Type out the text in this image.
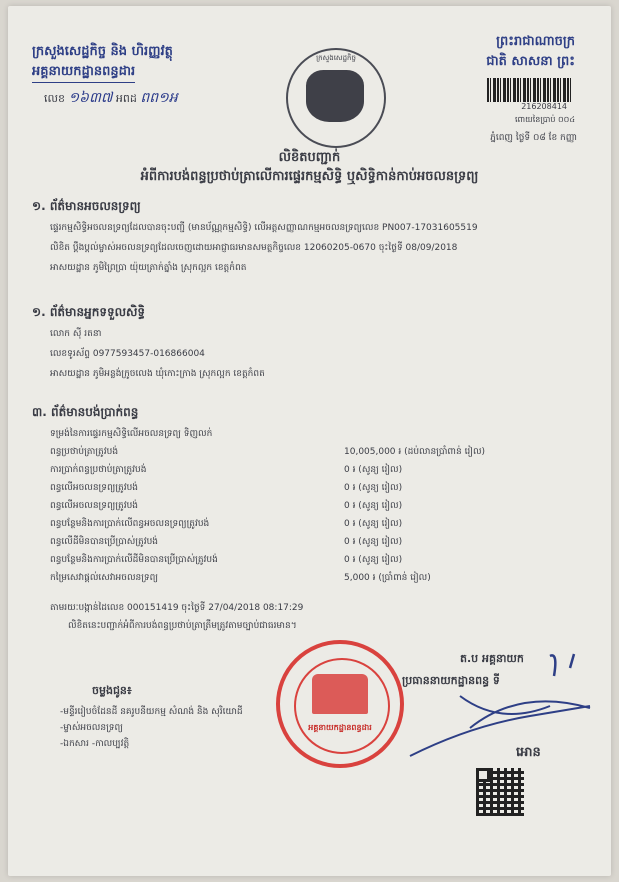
ក្រសួងសេដ្ឋកិច្ច និង ហិរញ្ញវត្ថុ
អគ្គនាយកដ្ឋានពន្ធដារ
លេខ ១៦៣៧ អពដ ពព១អ
ក្រសួងសេដ្ឋកិច្ច
ព្រះរាជាណាចក្រ
ជាតិ សាសនា ព្រះ
216208414
ពោយនៃប្រាប់ ០០៤
ភ្នំពេញ ថ្ងៃទី ០៨ ខែ កញ្ញា
លិខិតបញ្ជាក់
អំពីការបង់ពន្ធប្រថាប់ត្រាលើការផ្ទេរកម្មសិទ្ធិ ឬសិទ្ធិកាន់កាប់អចលនទ្រព្យ
១. ព័ត៌មានអចលនទ្រព្យ
ផ្ទេរកម្មសិទ្ធិអចលនទ្រព្យដែលបានចុះបញ្ជី (មានប័ណ្ណកម្មសិទ្ធិ) លើអត្តសញ្ញាណកម្មអចលនទ្រព្យលេខ PN007-17031605519
លិខិត ប្តឹងប្តល់ម្ចាស់អចលនទ្រព្យដែលចេញដោយអាជ្ញាធរមានសមត្ថកិច្ចលេខ 12060205-0670 ចុះថ្ងៃទី 08/09/2018
អាសយដ្ឋាន ភូមិព្រៃប្រា យ៉ុយត្រាក់ត្នាំង ស្រុកល្អក ខេត្តកំពត
១. ព័ត៌មានអ្នកទទួលសិទ្ធិ
លោក ស៊ី រតនា
លេខទូរស័ព្ទ 0977593457-016866004
អាសយដ្ឋាន ភូមិអន្លង់ក្រូចលេង ឃុំកោះក្រាង ស្រុកល្អក ខេត្តកំពត
៣. ព័ត៌មានបង់ប្រាក់ពន្ធ
ទម្រង់នៃការផ្ទេរកម្មសិទ្ធិលើអចលនទ្រព្យ ទិញលក់
ពន្ធប្រថាប់ត្រាត្រូវបង់	10,005,000 ៛ (ដប់លានប្រាំពាន់ រៀល)
ការប្រាក់ពន្ធប្រថាប់ត្រាត្រូវបង់	0 ៛ (សូន្យ រៀល)
ពន្ធលើអចលនទ្រព្យត្រូវបង់	0 ៛ (សូន្យ រៀល)
ពន្ធលើអចលនទ្រព្យត្រូវបង់	0 ៛ (សូន្យ រៀល)
ពន្ធបន្ថែមនិងការប្រាក់លើពន្ធអចលនទ្រព្យត្រូវបង់	0 ៛ (សូន្យ រៀល)
ពន្ធលើដីមិនបានប្រើប្រាស់ត្រូវបង់	0 ៛ (សូន្យ រៀល)
ពន្ធបន្ថែមនិងការប្រាក់លើដីមិនបានប្រើប្រាស់ត្រូវបង់	0 ៛ (សូន្យ រៀល)
កម្រៃសេវាផ្តល់សេវាអចលនទ្រព្យ	5,000 ៛ (ប្រាំពាន់ រៀល)
តាមរយៈបង្កាន់ដៃលេខ 000151419 ចុះថ្ងៃទី 27/04/2018 08:17:29
លិខិតនេះបញ្ជាក់អំពីការបង់ពន្ធប្រថាប់ត្រាត្រឹមត្រូវតាមច្បាប់ជាធរមាន។
ចម្លងជូន៖
-មន្ទីររៀបចំដែនដី នគរូបនីយកម្ម សំណង់ និង សុរិយោដី
-ម្ចាស់អចលនទ្រព្យ
-ឯកសារ -កាលប្បវត្តិ
អគ្គនាយកដ្ឋានពន្ធដារ
ត.ប អគ្គនាយក
ប្រធាននាយកដ្ឋានពន្ធ ទី
អោន
